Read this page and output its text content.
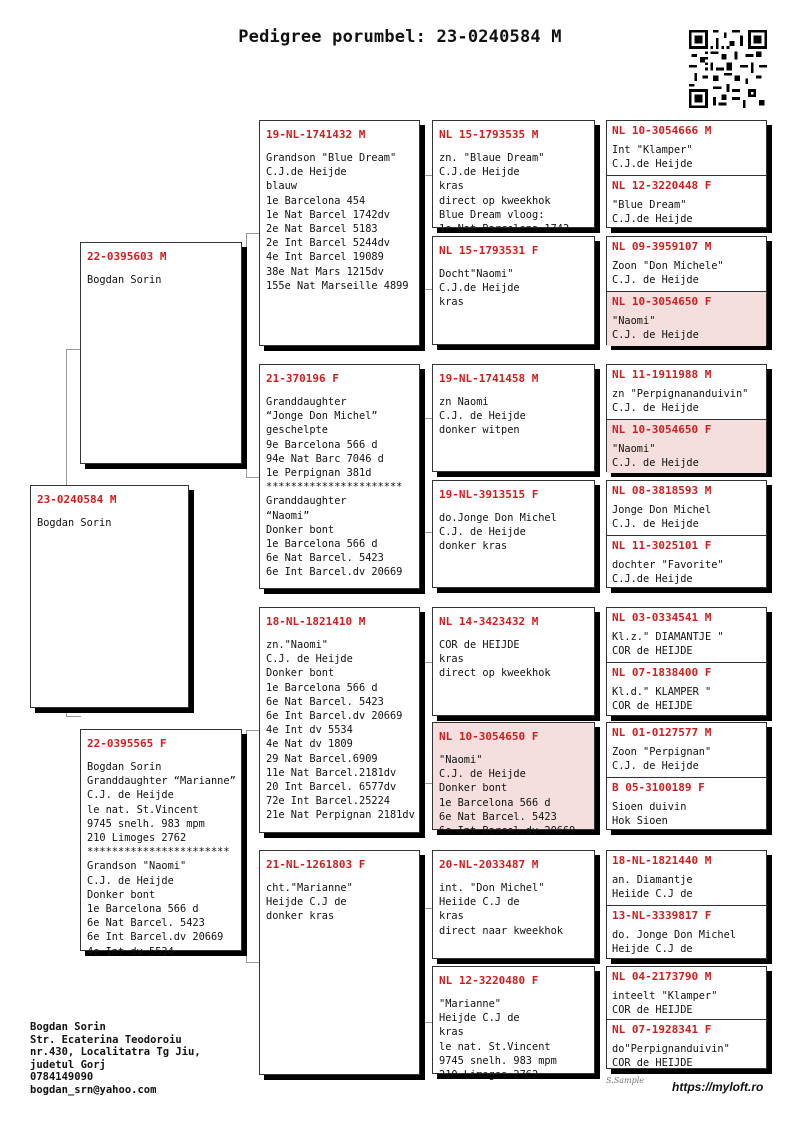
Pedigree porumbel: 23-0240584 M
23-0240584 M
Bogdan Sorin
22-0395603 M
Bogdan Sorin
22-0395565 F
Bogdan Sorin
Granddaughter “Marianne”
C.J. de Heijde
le nat. St.Vincent
9745 snelh. 983 mpm
210 Limoges 2762
***********************
Grandson "Naomi"
C.J. de Heijde
Donker bont
1e Barcelona 566 d
6e Nat Barcel. 5423
6e Int Barcel.dv 20669
4e Int dv 5534
19-NL-1741432 M
Grandson "Blue Dream"
C.J.de Heijde
blauw
1e Barcelona 454
1e Nat Barcel 1742dv
2e Nat Barcel 5183
2e Int Barcel 5244dv
4e Int Barcel 19089
38e Nat Mars 1215dv
155e Nat Marseille 4899
21-370196 F
Granddaughter
“Jonge Don Michel”
geschelpte
9e Barcelona 566 d
94e Nat Barc 7046 d
1e Perpignan 381d
**********************
Granddaughter
“Naomi”
Donker bont
1e Barcelona 566 d
6e Nat Barcel. 5423
6e Int Barcel.dv 20669
18-NL-1821410 M
zn."Naomi"
C.J. de Heijde
Donker bont
1e Barcelona 566 d
6e Nat Barcel. 5423
6e Int Barcel.dv 20669
4e Int dv 5534
4e Nat dv 1809
29 Nat Barcel.6909
11e Nat Barcel.2181dv
20 Int Barcel. 6577dv
72e Int Barcel.25224
21e Nat Perpignan 2181dv
21-NL-1261803 F
cht."Marianne"
Heijde C.J de
donker kras
NL 15-1793535 M
zn. "Blaue Dream"
C.J.de Heijde
kras
direct op kweekhok
Blue Dream vloog:
1e Nat Barcelona 1742
NL 15-1793531 F
Docht"Naomi"
C.J.de Heijde
kras
19-NL-1741458 M
zn Naomi
C.J. de Heijde
donker witpen
19-NL-3913515 F
do.Jonge Don Michel
C.J. de Heijde
donker kras
NL 14-3423432 M
COR de HEIJDE
kras
direct op kweekhok
NL 10-3054650 F
"Naomi"
C.J. de Heijde
Donker bont
1e Barcelona 566 d
6e Nat Barcel. 5423
6e Int Barcel.dv 20669
20-NL-2033487 M
int. "Don Michel"
Heiide C.J de
kras
direct naar kweekhok
NL 12-3220480 F
"Marianne"
Heijde C.J de
kras
le nat. St.Vincent
9745 snelh. 983 mpm
210 Limoges 2762
NL 10-3054666 M
Int "Klamper"
C.J.de Heijde
NL 12-3220448 F
"Blue Dream"
C.J.de Heijde
NL 09-3959107 M
Zoon "Don Michele"
C.J. de Heijde
NL 10-3054650 F
"Naomi"
C.J. de Heijde
NL 11-1911988 M
zn "Perpignananduivin"
C.J. de Heijde
NL 10-3054650 F
"Naomi"
C.J. de Heijde
NL 08-3818593 M
Jonge Don Michel
C.J. de Heijde
NL 11-3025101 F
dochter "Favorite"
C.J.de Heijde
NL 03-0334541 M
Kl.z." DIAMANTJE "
COR de HEIJDE
NL 07-1838400 F
Kl.d." KLAMPER "
COR de HEIJDE
NL 01-0127577 M
Zoon "Perpignan"
C.J. de Heijde
B 05-3100189 F
Sioen duivin
Hok Sioen
18-NL-1821440 M
an. Diamantje
Heiide C.J de
13-NL-3339817 F
do. Jonge Don Michel
Heijde C.J de
NL 04-2173790 M
inteelt "Klamper"
COR de HEIJDE
NL 07-1928341 F
do"Perpignanduivin"
COR de HEIJDE
Bogdan Sorin
Str. Ecaterina Teodoroiu
nr.430, Localitatra Tg Jiu,
judetul Gorj
0784149090
bogdan_srn@yahoo.com
S.Sample https://myloft.ro
